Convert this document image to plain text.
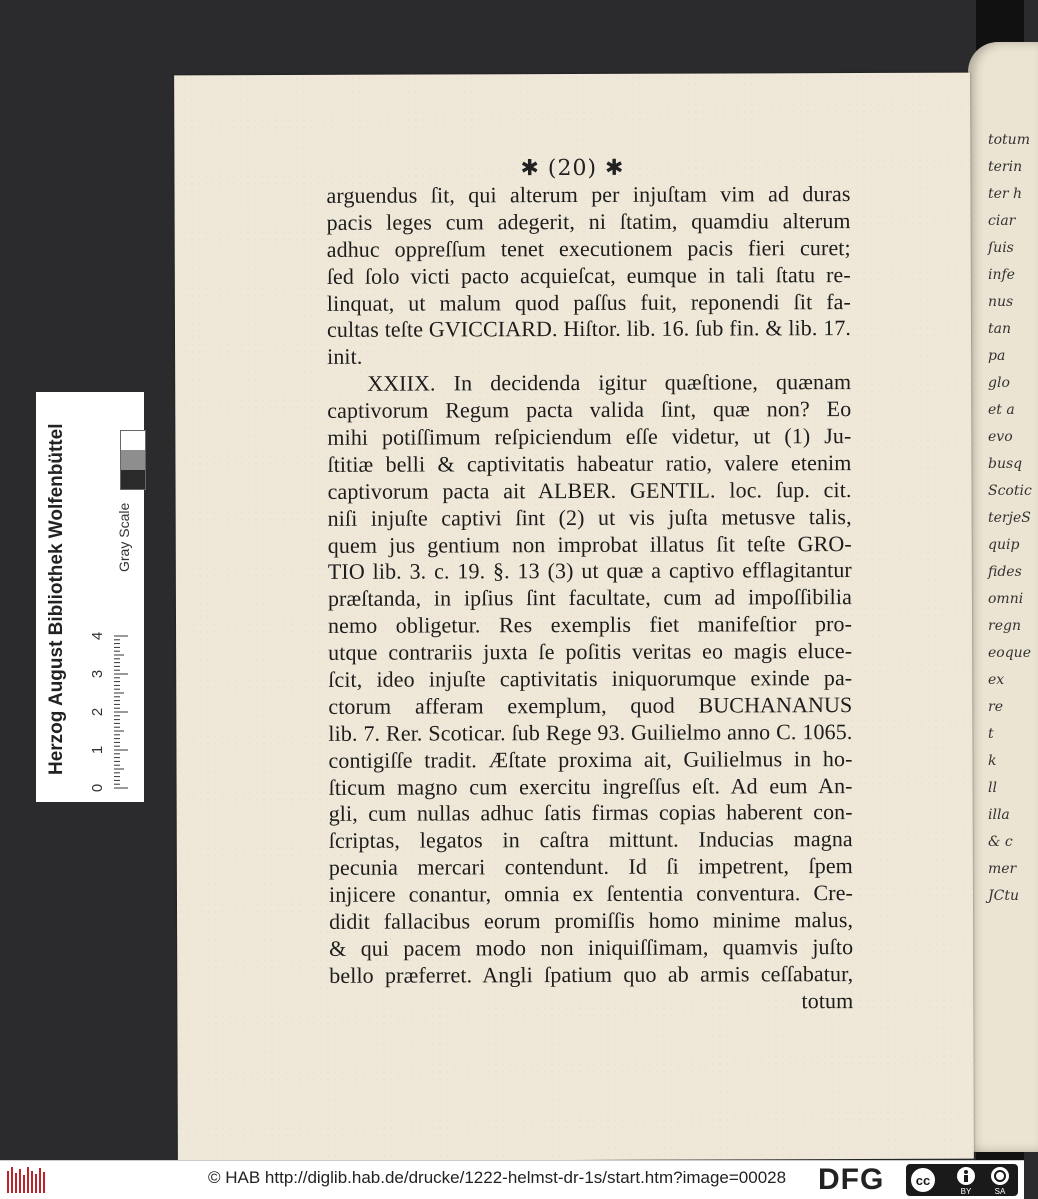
totum
terin
ter h
ciar
ſuis
infe
nus
tan
pa
glo
et a
evo
busq
Scotic
terjeS
quip
fides
omni
regn
eoque
ex
re
t
k
ll
illa
& c
mer
JCtu
✱ (20) ✱
arguendus ſit, qui alterum per injuſtam vim ad duras
pacis leges cum adegerit, ni ſtatim, quamdiu alterum
adhuc oppreſſum tenet executionem pacis fieri curet;
ſed ſolo victi pacto acquieſcat, eumque in tali ſtatu re-
linquat, ut malum quod paſſus fuit, reponendi ſit fa-
cultas teſte GVICCIARD. Hiſtor. lib. 16. ſub fin. & lib. 17.
init.
XXIIX. In decidenda igitur quæſtione, quænam
captivorum Regum pacta valida ſint, quæ non? Eo
mihi potiſſimum reſpiciendum eſſe videtur, ut (1) Ju-
ſtitiæ belli & captivitatis habeatur ratio, valere etenim
captivorum pacta ait ALBER. GENTIL. loc. ſup. cit.
niſi injuſte captivi ſint (2) ut vis juſta metusve talis,
quem jus gentium non improbat illatus ſit teſte GRO-
TIO lib. 3. c. 19. §. 13 (3) ut quæ a captivo efflagitantur
præſtanda, in ipſius ſint facultate, cum ad impoſſibilia
nemo obligetur. Res exemplis fiet manifeſtior pro-
utque contrariis juxta ſe poſitis veritas eo magis eluce-
ſcit, ideo injuſte captivitatis iniquorumque exinde pa-
ctorum afferam exemplum, quod BUCHANANUS
lib. 7. Rer. Scoticar. ſub Rege 93. Guilielmo anno C. 1065.
contigiſſe tradit. Æſtate proxima ait, Guilielmus in ho-
ſticum magno cum exercitu ingreſſus eſt. Ad eum An-
gli, cum nullas adhuc ſatis firmas copias haberent con-
ſcriptas, legatos in caſtra mittunt. Inducias magna
pecunia mercari contendunt. Id ſi impetrent, ſpem
injicere conantur, omnia ex ſententia conventura. Cre-
didit fallacibus eorum promiſſis homo minime malus,
& qui pacem modo non iniquiſſimam, quamvis juſto
bello præferret. Angli ſpatium quo ab armis ceſſabatur,
totum
Herzog August Bibliothek Wolfenbüttel	Gray Scale
0
1
2
3
4
© HAB http://diglib.hab.de/drucke/1222-helmst-dr-1s/start.htm?image=00028 DFG cc
BY	SA
